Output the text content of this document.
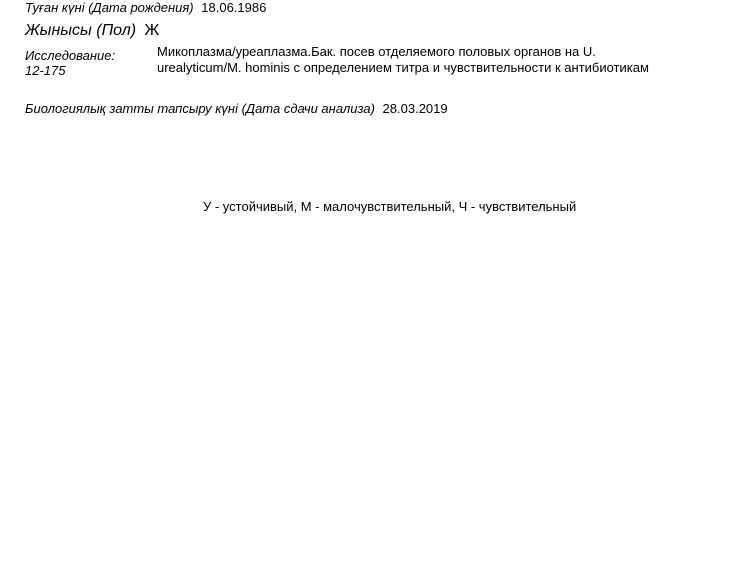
Туған күні (Дата рождения) 18.06.1986
Жынысы (Пол) Ж
Исследование:
12-175
Микоплазма/уреаплазма.Бак. посев отделяемого половых органов на U. urealyticum/M. hominis с определением титра и чувствительности к антибиотикам
Биологиялық затты тапсыру күні (Дата сдачи анализа) 28.03.2019
У - устойчивый, М - малочувствительный, Ч - чувствительный
